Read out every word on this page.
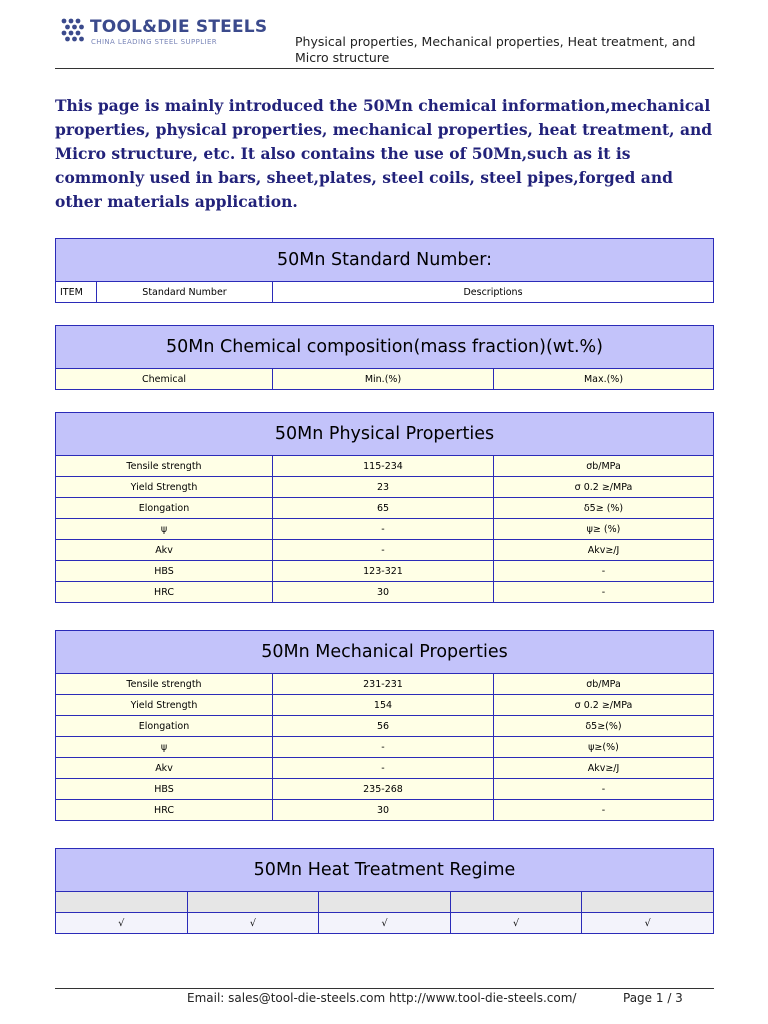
TOOL&DIE STEELS
CHINA LEADING STEEL SUPPLIER	Physical properties, Mechanical properties, Heat treatment, and Micro structure
This page is mainly introduced the 50Mn chemical information,mechanical properties, physical properties, mechanical properties, heat treatment, and Micro structure, etc. It also contains the use of 50Mn,such as it is commonly used in bars, sheet,plates, steel coils, steel pipes,forged and other materials application.
50Mn Standard Number:
ITEM	Standard Number	Descriptions
50Mn Chemical composition(mass fraction)(wt.%)
Chemical	Min.(%)	Max.(%)
50Mn Physical Properties		
Tensile strength	115-234	σb/MPa
Yield Strength	23	σ 0.2 ≥/MPa
Elongation	65	δ5≥ (%)
ψ	-	ψ≥ (%)
Akv	-	Akv≥/J
HBS	123-321	-
HRC	30	-
50Mn Mechanical Properties		
Tensile strength	231-231	σb/MPa
Yield Strength	154	σ 0.2 ≥/MPa
Elongation	56	δ5≥(%)
ψ	-	ψ≥(%)
Akv	-	Akv≥/J
HBS	235-268	-
HRC	30	-
50Mn Heat Treatment Regime				

√	√	√	√	√
Email: sales@tool-die-steels.com http://www.tool-die-steels.com/	Page 1 / 3
